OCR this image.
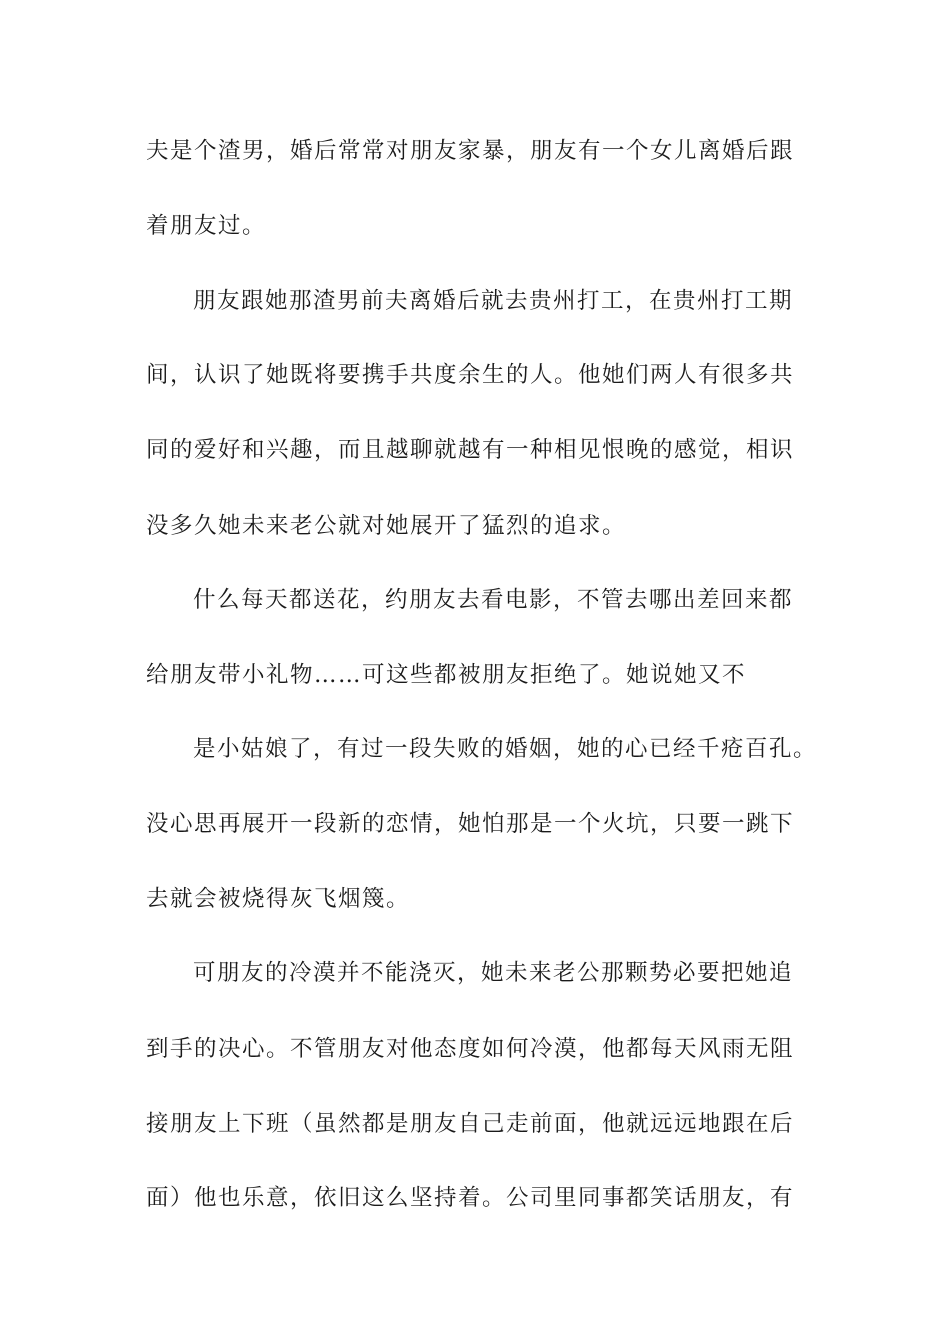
夫是个渣男，婚后常常对朋友家暴，朋友有一个女儿离婚后跟
着朋友过。
朋友跟她那渣男前夫离婚后就去贵州打工，在贵州打工期
间，认识了她既将要携手共度余生的人。他她们两人有很多共
同的爱好和兴趣，而且越聊就越有一种相见恨晚的感觉，相识
没多久她未来老公就对她展开了猛烈的追求。
什么每天都送花，约朋友去看电影，不管去哪出差回来都
给朋友带小礼物……可这些都被朋友拒绝了。她说她又不
是小姑娘了，有过一段失败的婚姻，她的心已经千疮百孔。
没心思再展开一段新的恋情，她怕那是一个火坑，只要一跳下
去就会被烧得灰飞烟篾。
可朋友的冷漠并不能浇灭，她未来老公那颗势必要把她追
到手的决心。不管朋友对他态度如何冷漠，他都每天风雨无阻
接朋友上下班（虽然都是朋友自己走前面，他就远远地跟在后
面）他也乐意，依旧这么坚持着。公司里同事都笑话朋友，有
